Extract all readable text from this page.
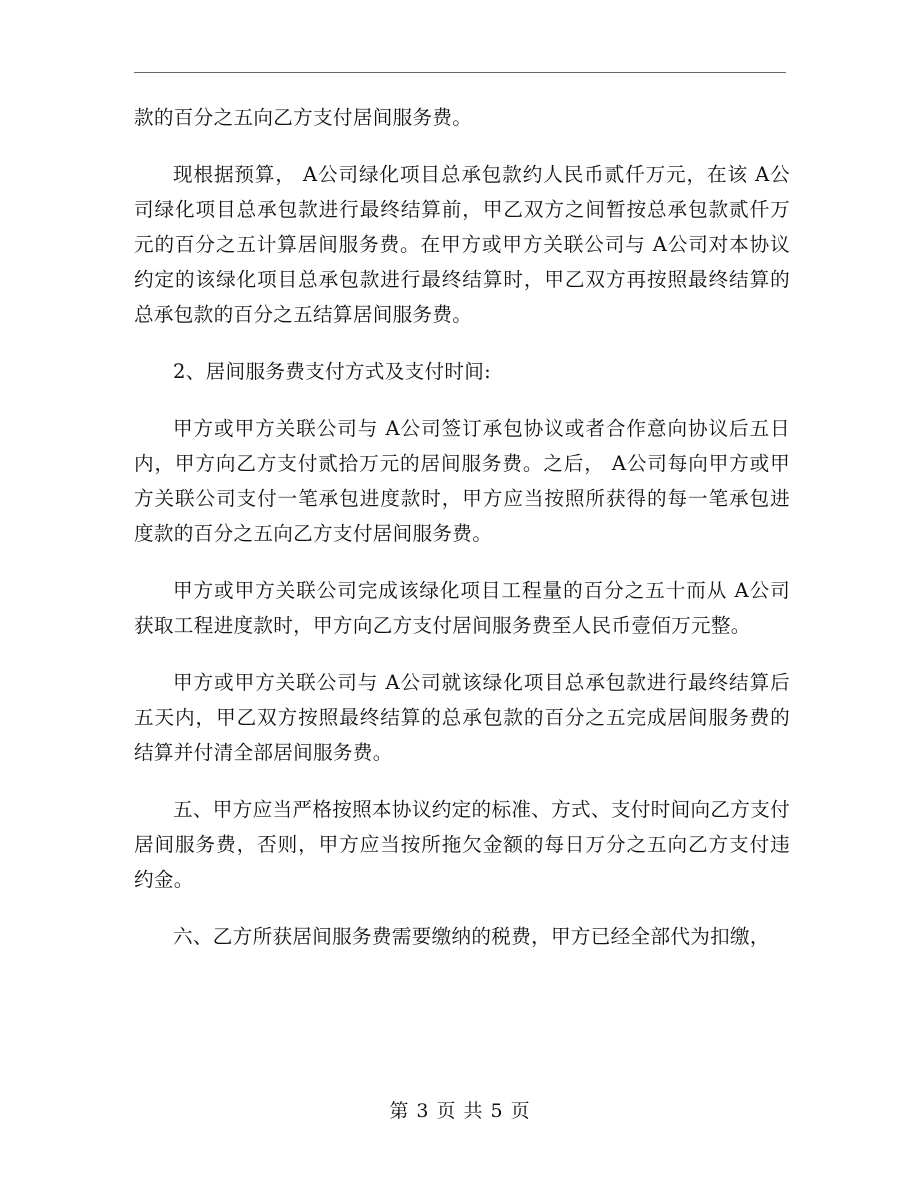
款的百分之五向乙方支付居间服务费。

现根据预算， A公司绿化项目总承包款约人民币贰仟万元，在该 A公司绿化项目总承包款进行最终结算前，甲乙双方之间暂按总承包款贰仟万元的百分之五计算居间服务费。在甲方或甲方关联公司与 A公司对本协议约定的该绿化项目总承包款进行最终结算时，甲乙双方再按照最终结算的总承包款的百分之五结算居间服务费。

2、居间服务费支付方式及支付时间:

甲方或甲方关联公司与 A公司签订承包协议或者合作意向协议后五日内，甲方向乙方支付贰拾万元的居间服务费。之后， A公司每向甲方或甲方关联公司支付一笔承包进度款时，甲方应当按照所获得的每一笔承包进度款的百分之五向乙方支付居间服务费。

甲方或甲方关联公司完成该绿化项目工程量的百分之五十而从 A公司获取工程进度款时，甲方向乙方支付居间服务费至人民币壹佰万元整。

甲方或甲方关联公司与 A公司就该绿化项目总承包款进行最终结算后五天内，甲乙双方按照最终结算的总承包款的百分之五完成居间服务费的结算并付清全部居间服务费。

五、甲方应当严格按照本协议约定的标准、方式、支付时间向乙方支付居间服务费，否则，甲方应当按所拖欠金额的每日万分之五向乙方支付违约金。

六、乙方所获居间服务费需要缴纳的税费，甲方已经全部代为扣缴，

第 3 页 共 5 页
